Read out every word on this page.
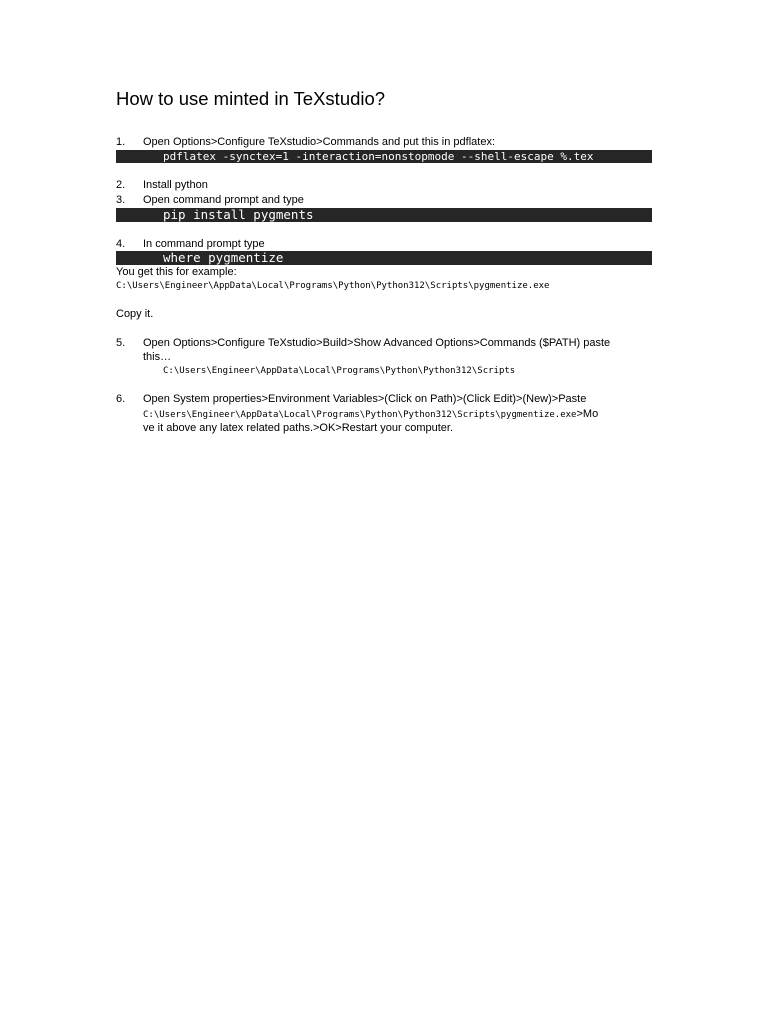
How to use minted in TeXstudio?
1. Open Options>Configure TeXstudio>Commands and put this in pdflatex:
pdflatex -synctex=1 -interaction=nonstopmode --shell-escape %.tex
2. Install python
3. Open command prompt and type
pip install pygments
4. In command prompt type
where pygmentize
You get this for example:
C:\Users\Engineer\AppData\Local\Programs\Python\Python312\Scripts\pygmentize.exe
Copy it.
5. Open Options>Configure TeXstudio>Build>Show Advanced Options>Commands ($PATH) paste
this…
C:\Users\Engineer\AppData\Local\Programs\Python\Python312\Scripts
6. Open System properties>Environment Variables>(Click on Path)>(Click Edit)>(New)>Paste
C:\Users\Engineer\AppData\Local\Programs\Python\Python312\Scripts\pygmentize.exe>Mo
ve it above any latex related paths.>OK>Restart your computer.
